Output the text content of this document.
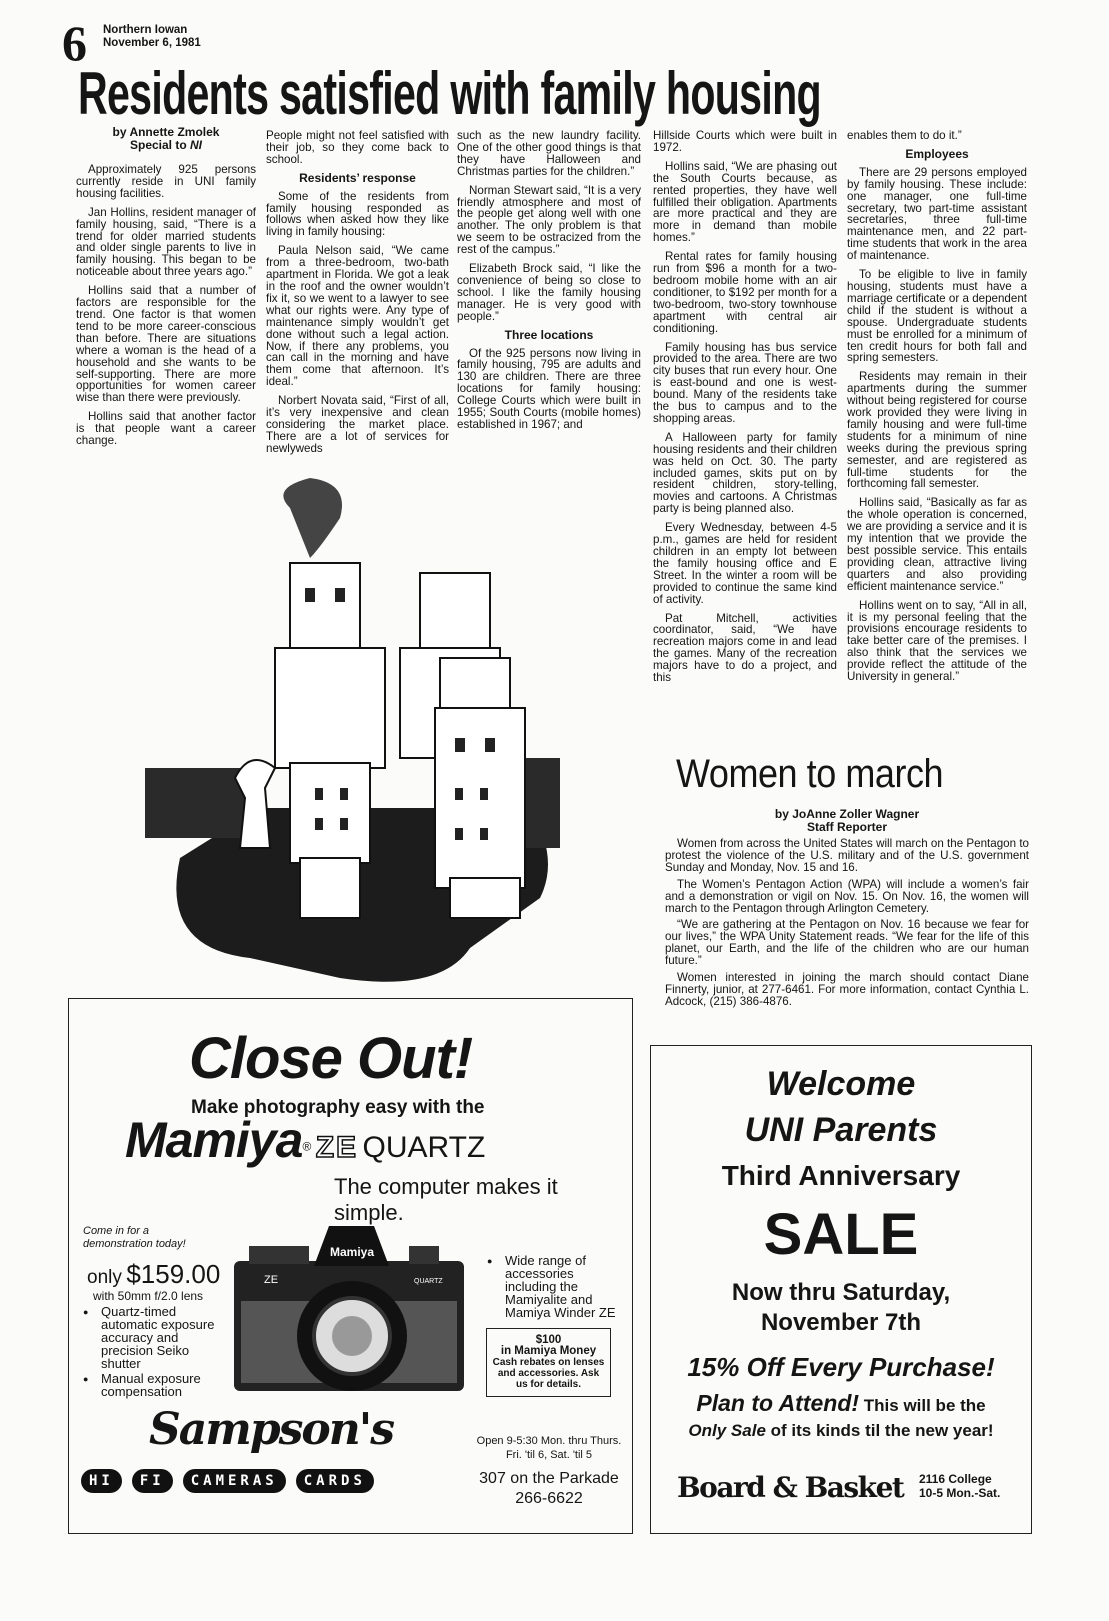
6 Northern Iowan
November 6, 1981
Residents satisfied with family housing
by Annette Zmolek
Special to NI

Approximately 925 persons currently reside in UNI family housing facilities.

Jan Hollins, resident manager of family housing, said, “There is a trend for older married students and older single parents to live in family housing. This began to be noticeable about three years ago.”

Hollins said that a number of factors are responsible for the trend. One factor is that women tend to be more career-conscious than before. There are situations where a woman is the head of a household and she wants to be self-supporting. There are more opportunities for women career wise than there were previously.

Hollins said that another factor is that people want a career change.

People might not feel satisfied with their job, so they come back to school.

Residents’ response

Some of the residents from family housing responded as follows when asked how they like living in family housing:

Paula Nelson said, “We came from a three-bedroom, two-bath apartment in Florida. We got a leak in the roof and the owner wouldn’t fix it, so we went to a lawyer to see what our rights were. Any type of maintenance simply wouldn’t get done without such a legal action. Now, if there any problems, you can call in the morning and have them come that afternoon. It’s ideal.”

Norbert Novata said, “First of all, it’s very inexpensive and clean considering the market place. There are a lot of services for newlyweds

such as the new laundry facility. One of the other good things is that they have Halloween and Christmas parties for the children.”

Norman Stewart said, “It is a very friendly atmosphere and most of the people get along well with one another. The only problem is that we seem to be ostracized from the rest of the campus.”

Elizabeth Brock said, “I like the convenience of being so close to school. I like the family housing manager. He is very good with people.”

Three locations

Of the 925 persons now living in family housing, 795 are adults and 130 are children. There are three locations for family housing: College Courts which were built in 1955; South Courts (mobile homes) established in 1967; and

Hillside Courts which were built in 1972.

Hollins said, “We are phasing out the South Courts because, as rented properties, they have well fulfilled their obligation. Apartments are more practical and they are more in demand than mobile homes.”

Rental rates for family housing run from $96 a month for a two-bedroom mobile home with an air conditioner, to $192 per month for a two-bedroom, two-story townhouse apartment with central air conditioning.

Family housing has bus service provided to the area. There are two city buses that run every hour. One is east-bound and one is west-bound. Many of the residents take the bus to campus and to the shopping areas.

A Halloween party for family housing residents and their children was held on Oct. 30. The party included games, skits put on by resident children, story-telling, movies and cartoons. A Christmas party is being planned also.

Every Wednesday, between 4-5 p.m., games are held for resident children in an empty lot between the family housing office and E Street. In the winter a room will be provided to continue the same kind of activity.

Pat Mitchell, activities coordinator, said, “We have recreation majors come in and lead the games. Many of the recreation majors have to do a project, and this

enables them to do it.”

Employees

There are 29 persons employed by family housing. These include: one manager, one full-time secretary, two part-time assistant secretaries, three full-time maintenance men, and 22 part-time students that work in the area of maintenance.

To be eligible to live in family housing, students must have a marriage certificate or a dependent child if the student is without a spouse. Undergraduate students must be enrolled for a minimum of ten credit hours for both fall and spring semesters.

Residents may remain in their apartments during the summer without being registered for course work provided they were living in family housing and were full-time students for a minimum of nine weeks during the previous spring semester, and are registered as full-time students for the forthcoming fall semester.

Hollins said, “Basically as far as the whole operation is concerned, we are providing a service and it is my intention that we provide the best possible service. This entails providing clean, attractive living quarters and also providing efficient maintenance service.”

Hollins went on to say, “All in all, it is my personal feeling that the provisions encourage residents to take better care of the premises. I also think that the services we provide reflect the attitude of the University in general.”

Women to march
by JoAnne Zoller Wagner
Staff Reporter

Women from across the United States will march on the Pentagon to protest the violence of the U.S. military and of the U.S. government Sunday and Monday, Nov. 15 and 16.

The Women’s Pentagon Action (WPA) will include a women’s fair and a demonstration or vigil on Nov. 15. On Nov. 16, the women will march to the Pentagon through Arlington Cemetery.

“We are gathering at the Pentagon on Nov. 16 because we fear for our lives,” the WPA Unity Statement reads. “We fear for the life of this planet, our Earth, and the life of the children who are our human future.”

Women interested in joining the march should contact Diane Finnerty, junior, at 277-6461. For more information, contact Cynthia L. Adcock, (215) 386-4876.

Close Out!
Make photography easy with the
Mamiya® ZE QUARTZ
The computer makes it simple.
Come in for a demonstration today!
only $159.00
with 50mm f/2.0 lens
● Quartz-timed automatic exposure accuracy and precision Seiko shutter
● Manual exposure compensation
Mamiya
ZE	QUARTZ
● Wide range of accessories including the Mamiyalite and Mamiya Winder ZE
$100
in Mamiya Money
Cash rebates on lenses and accessories. Ask us for details.
Sampson's
HI	FI	CAMERAS	CARDS
Open 9-5:30 Mon. thru Thurs.
Fri. 'til 6, Sat. 'til 5
307 on the Parkade
266-6622
Welcome
UNI Parents
Third Anniversary
SALE
Now thru Saturday,
November 7th
15% Off Every Purchase!
Plan to Attend! This will be the
Only Sale of its kinds til the new year!
Board & Basket 2116 College
10-5 Mon.-Sat.
